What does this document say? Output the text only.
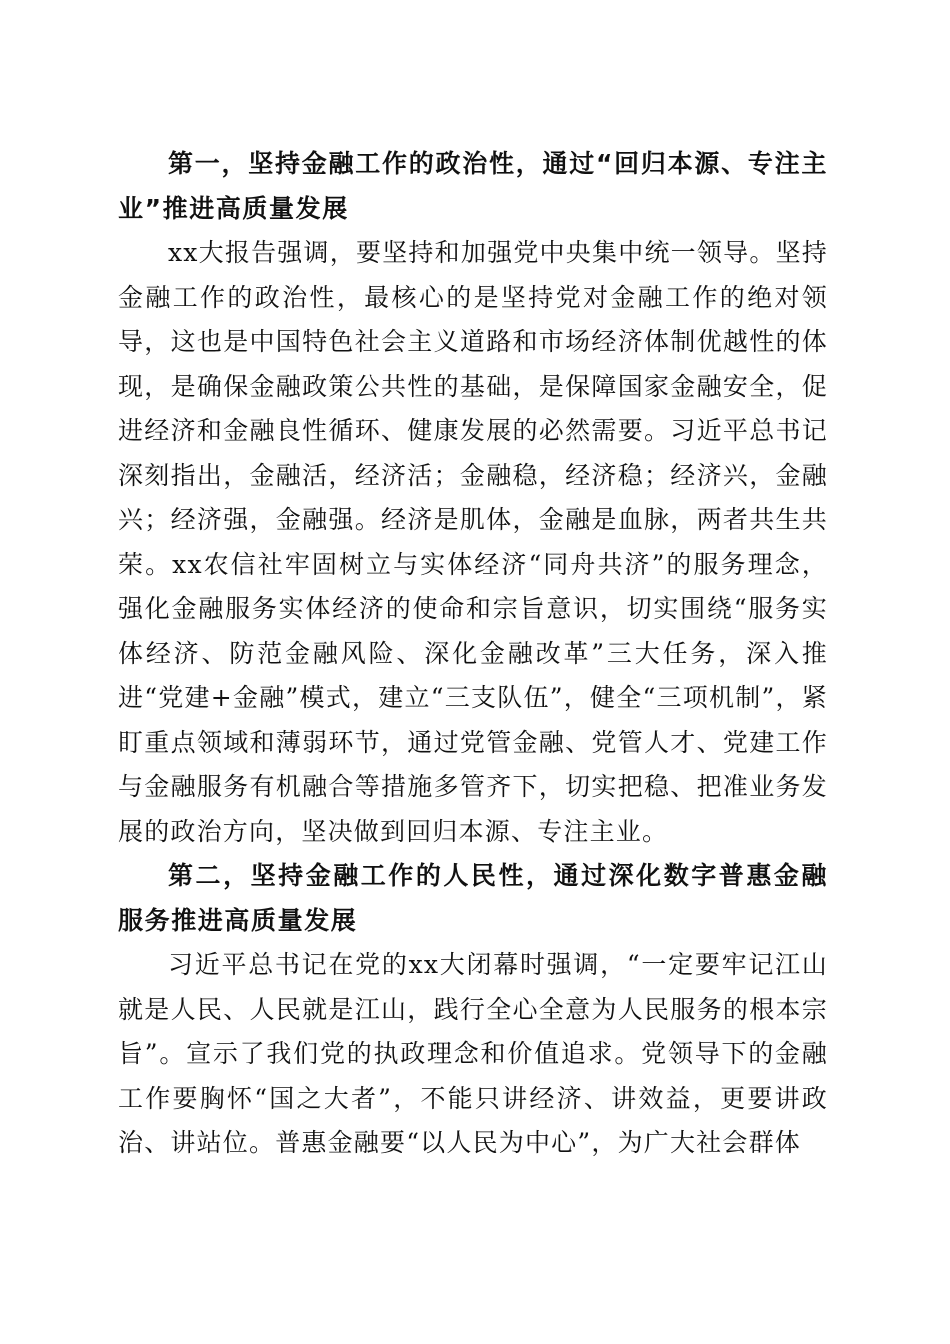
第一，坚持金融工作的政治性，通过“回归本源、专注主业”推进高质量发展

xx大报告强调，要坚持和加强党中央集中统一领导。坚持金融工作的政治性，最核心的是坚持党对金融工作的绝对领导，这也是中国特色社会主义道路和市场经济体制优越性的体现，是确保金融政策公共性的基础，是保障国家金融安全，促进经济和金融良性循环、健康发展的必然需要。习近平总书记深刻指出，金融活，经济活；金融稳，经济稳；经济兴，金融兴；经济强，金融强。经济是肌体，金融是血脉，两者共生共荣。xx农信社牢固树立与实体经济“同舟共济”的服务理念，强化金融服务实体经济的使命和宗旨意识，切实围绕“服务实体经济、防范金融风险、深化金融改革”三大任务，深入推进“党建+金融”模式，建立“三支队伍”，健全“三项机制”，紧盯重点领域和薄弱环节，通过党管金融、党管人才、党建工作与金融服务有机融合等措施多管齐下，切实把稳、把准业务发展的政治方向，坚决做到回归本源、专注主业。

第二，坚持金融工作的人民性，通过深化数字普惠金融服务推进高质量发展

习近平总书记在党的xx大闭幕时强调，“一定要牢记江山就是人民、人民就是江山，践行全心全意为人民服务的根本宗旨”。宣示了我们党的执政理念和价值追求。党领导下的金融工作要胸怀“国之大者”，不能只讲经济、讲效益，更要讲政治、讲站位。普惠金融要“以人民为中心”，为广大社会群体
